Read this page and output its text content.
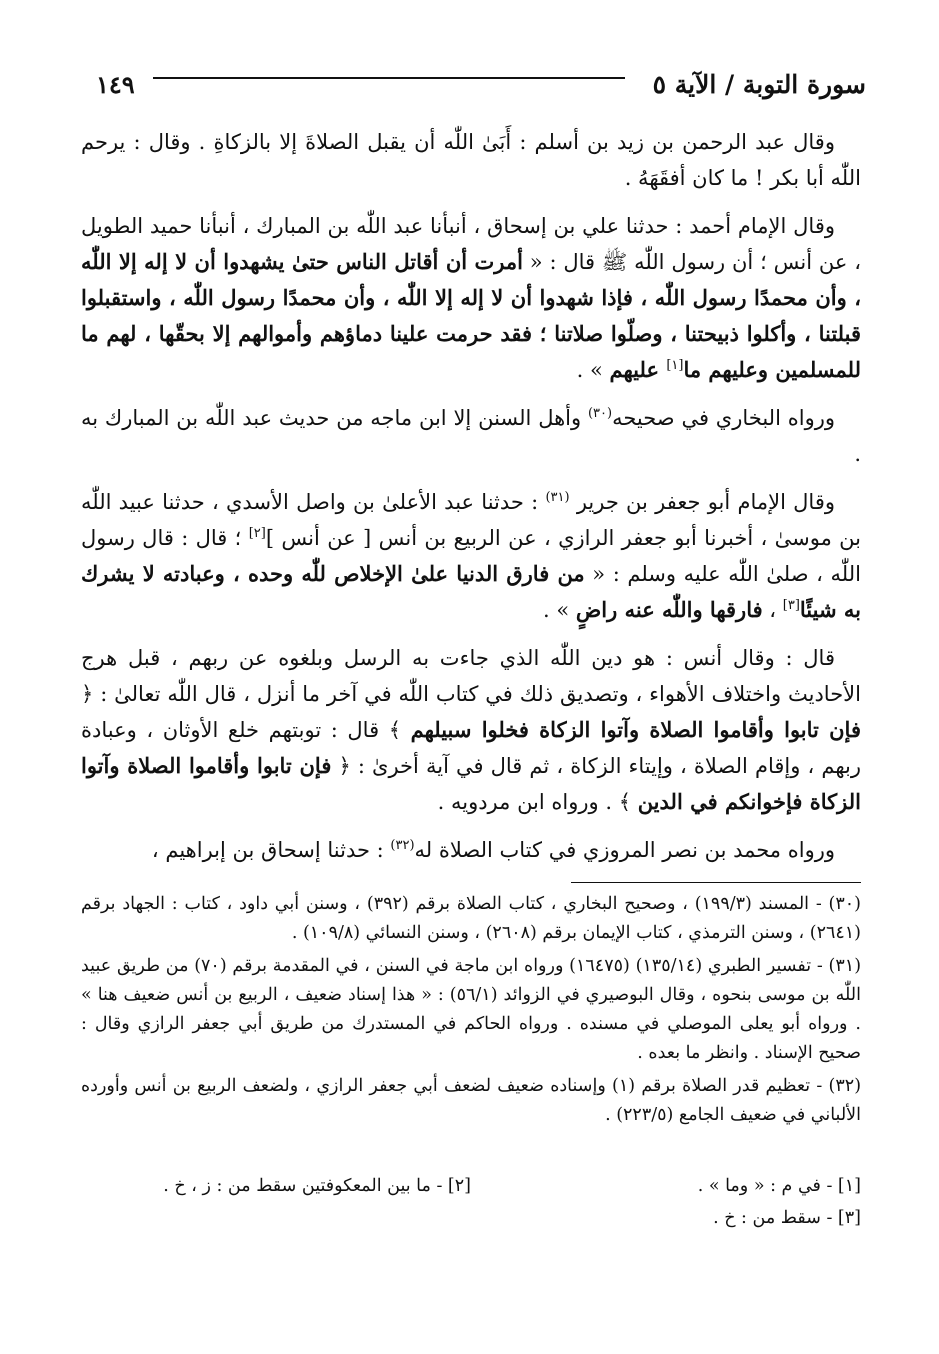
سورة التوبة / الآية ٥
١٤٩

وقال عبد الرحمن بن زيد بن أسلم : أَبَىٰ اللّٰه أن يقبل الصلاةَ إلا بالزكاةِ . وقال : يرحم اللّٰه أبا بكر ! ما كان أفقَهَهُ .

وقال الإمام أحمد : حدثنا علي بن إسحاق ، أنبأنا عبد اللّٰه بن المبارك ، أنبأنا حميد الطويل ، عن أنس ؛ أن رسول اللّٰه ﷺ قال : « أمرت أن أقاتل الناس حتىٰ يشهدوا أن لا إله إلا اللّٰه ، وأن محمدًا رسول اللّٰه ، فإذا شهدوا أن لا إله إلا اللّٰه ، وأن محمدًا رسول اللّٰه ، واستقبلوا قبلتنا ، وأكلوا ذبيحتنا ، وصلّوا صلاتنا ؛ فقد حرمت علينا دماؤهم وأموالهم إلا بحقّها ، لهم ما للمسلمين وعليهم ما[١] عليهم » .

ورواه البخاري في صحيحه$^{(٣٠)}$ وأهل السنن إلا ابن ماجه من حديث عبد اللّٰه بن المبارك به .

وقال الإمام أبو جعفر بن جرير $^{(٣١)}$ : حدثنا عبد الأعلىٰ بن واصل الأسدي ، حدثنا عبيد اللّٰه بن موسىٰ ، أخبرنا أبو جعفر الرازي ، عن الربيع بن أنس [ عن أنس ][٢] ؛ قال : قال رسول اللّٰه ، صلىٰ اللّٰه عليه وسلم : « من فارق الدنيا علىٰ الإخلاص للّٰه وحده ، وعبادته لا يشرك به شيئًا[٣] ، فارقها واللّٰه عنه راضٍ » .

قال : وقال أنس : هو دين اللّٰه الذي جاءت به الرسل وبلغوه عن ربهم ، قبل هرج الأحاديث واختلاف الأهواء ، وتصديق ذلك في كتاب اللّٰه في آخر ما أنزل ، قال اللّٰه تعالىٰ : ﴿ فإن تابوا وأقاموا الصلاة وآتوا الزكاة فخلوا سبيلهم ﴾ قال : توبتهم خلع الأوثان ، وعبادة ربهم ، وإقام الصلاة ، وإيتاء الزكاة ، ثم قال في آية أخرىٰ : ﴿ فإن تابوا وأقاموا الصلاة وآتوا الزكاة فإخوانكم في الدين ﴾ . ورواه ابن مردويه .

ورواه محمد بن نصر المروزي في كتاب الصلاة له$^{(٣٢)}$ : حدثنا إسحاق بن إبراهيم ،

(٣٠) - المسند (١٩٩/٣) ، وصحيح البخاري ، كتاب الصلاة برقم (٣٩٢) ، وسنن أبي داود ، كتاب : الجهاد برقم (٢٦٤١) ، وسنن الترمذي ، كتاب الإيمان برقم (٢٦٠٨) ، وسنن النسائي (١٠٩/٨) .
(٣١) - تفسير الطبري (١٣٥/١٤) (١٦٤٧٥) ورواه ابن ماجة في السنن ، في المقدمة برقم (٧٠) من طريق عبيد اللّٰه بن موسى بنحوه ، وقال البوصيري في الزوائد (٥٦/١) : « هذا إسناد ضعيف ، الربيع بن أنس ضعيف هنا » . ورواه أبو يعلى الموصلي في مسنده . ورواه الحاكم في المستدرك من طريق أبي جعفر الرازي وقال : صحيح الإسناد . وانظر ما بعده .
(٣٢) - تعظيم قدر الصلاة برقم (١) وإسناده ضعيف لضعف أبي جعفر الرازي ، ولضعف الربيع بن أنس وأورده الألباني في ضعيف الجامع (٢٢٣/٥) .
[١] - في م : « وما » .
[٢] - ما بين المعكوفتين سقط من : ز ، خ .
[٣] - سقط من : خ .
